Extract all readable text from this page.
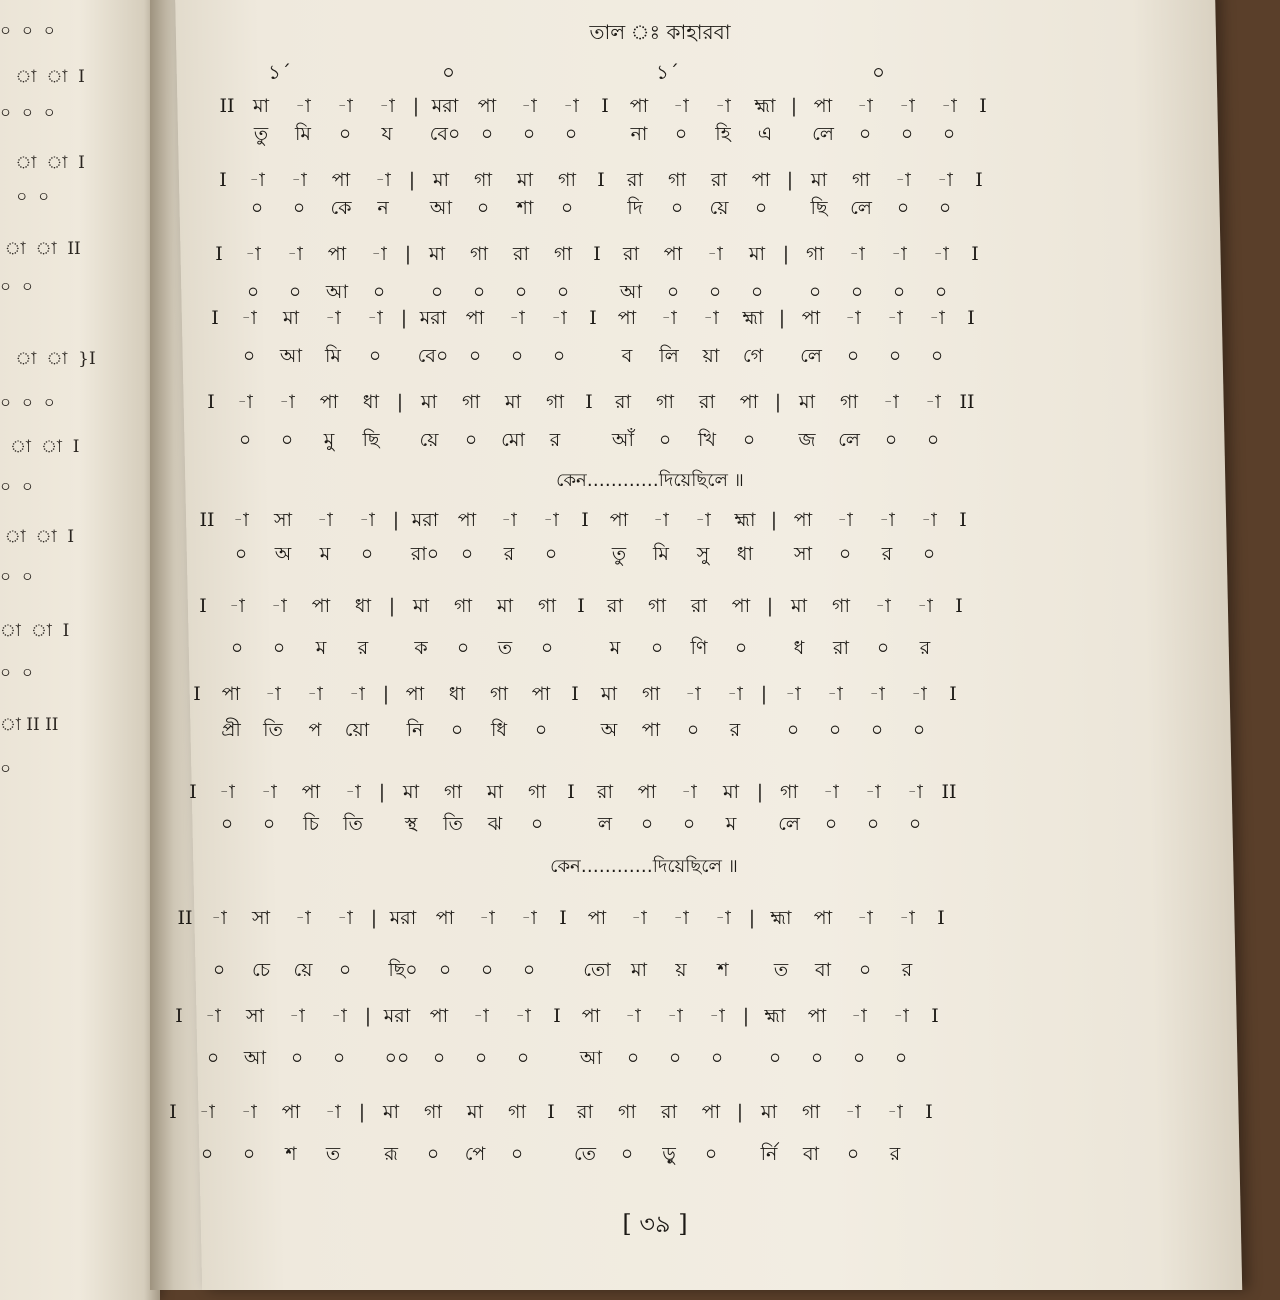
তাল ঃ কাহারবা
১´	০	১´	০
০  ০  ০
া  া  I
০  ০  ০
া  া  I
০  ০
া  া  II
০  ০
া  া  }I
০  ০  ০
া  া  I
০  ০
া  া  I
০  ০
া  া  I
০  ০
া II II
০
II মা	-া	-া	-া | মরা	পা	-া	-া	I	পা	-া	-া	হ্মা | পা	-া	-া	-া	I
তু	মি	০	য	বে০	০	০	০	না	০	হি	এ	লে	০	০	০
I	-া	-া	পা	-া | মা	গা	মা	গা	I	রা	গা	রা	পা | মা	গা	-া	-া	I
০	০	কে	ন	আ	০	শা	০	দি	০	য়ে	০	ছি	লে	০	০
I	-া	-া	পা	-া | মা	গা	রা	গা	I	রা	পা	-া	মা | গা	-া	-া	-া	I
০	০	আ	০	০	০	০	০	আ	০	০	০	০	০	০	০
I	-া	মা	-া	-া | মরা	পা	-া	-া	I	পা	-া	-া	হ্মা | পা	-া	-া	-া	I
০	আ	মি	০	বে০	০	০	০	ব	লি	য়া	গে	লে	০	০	০
I	-া	-া	পা	ধা | মা	গা	মা	গা	I	রা	গা	রা	পা | মা	গা	-া	-া II
০	০	মু	ছি	য়ে	০	মো	র	আঁ	০	খি	০	জ	লে	০	০
II -া	সা	-া	-া | মরা	পা	-া	-া	I	পা	-া	-া	হ্মা | পা	-া	-া	-া	I
০	অ	ম	০	রা০	০	র	০	তু	মি	সু	ধা	সা	০	র	০
I	-া	-া	পা	ধা | মা	গা	মা	গা	I	রা	গা	রা	পা | মা	গা	-া	-া	I
০	০	ম	র	ক	০	ত	০	ম	০	ণি	০	ধ	রা	০	র
I	পা	-া	-া	-া | পা	ধা	গা	পা	I	মা	গা	-া	-া | -া	-া	-া	-া	I
প্রী	তি	প	য়ো	নি	০	ধি	০	অ	পা	০	র	০	০	০	০
I	-া	-া	পা	-া | মা	গা	মা	গা	I	রা	পা	-া	মা | গা	-া	-া	-া II
০	০	চি	তি	স্থ	তি	ঝ	০	ল	০	০	ম	লে	০	০	০
II -া	সা	-া	-া | মরা	পা	-া	-া	I	পা	-া	-া	-া | হ্মা	পা	-া	-া	I
০	চে	য়ে	০	ছি০	০	০	০	তো	মা	য়	শ	ত	বা	০	র
I	-া	সা	-া	-া | মরা	পা	-া	-া	I	পা	-া	-া	-া | হ্মা	পা	-া	-া	I
০	আ	০	০	০০	০	০	০	আ	০	০	০	০	০	০	০
I	-া	-া	পা	-া | মা	গা	মা	গা	I	রা	গা	রা	পা | মা	গা	-া	-া	I
০	০	শ	ত	রূ	০	পে	০	তে	০	ড়ু	০	র্নি	বা	০	র
কেন…………দিয়েছিলে ॥
কেন…………দিয়েছিলে ॥
[ ৩৯ ]
